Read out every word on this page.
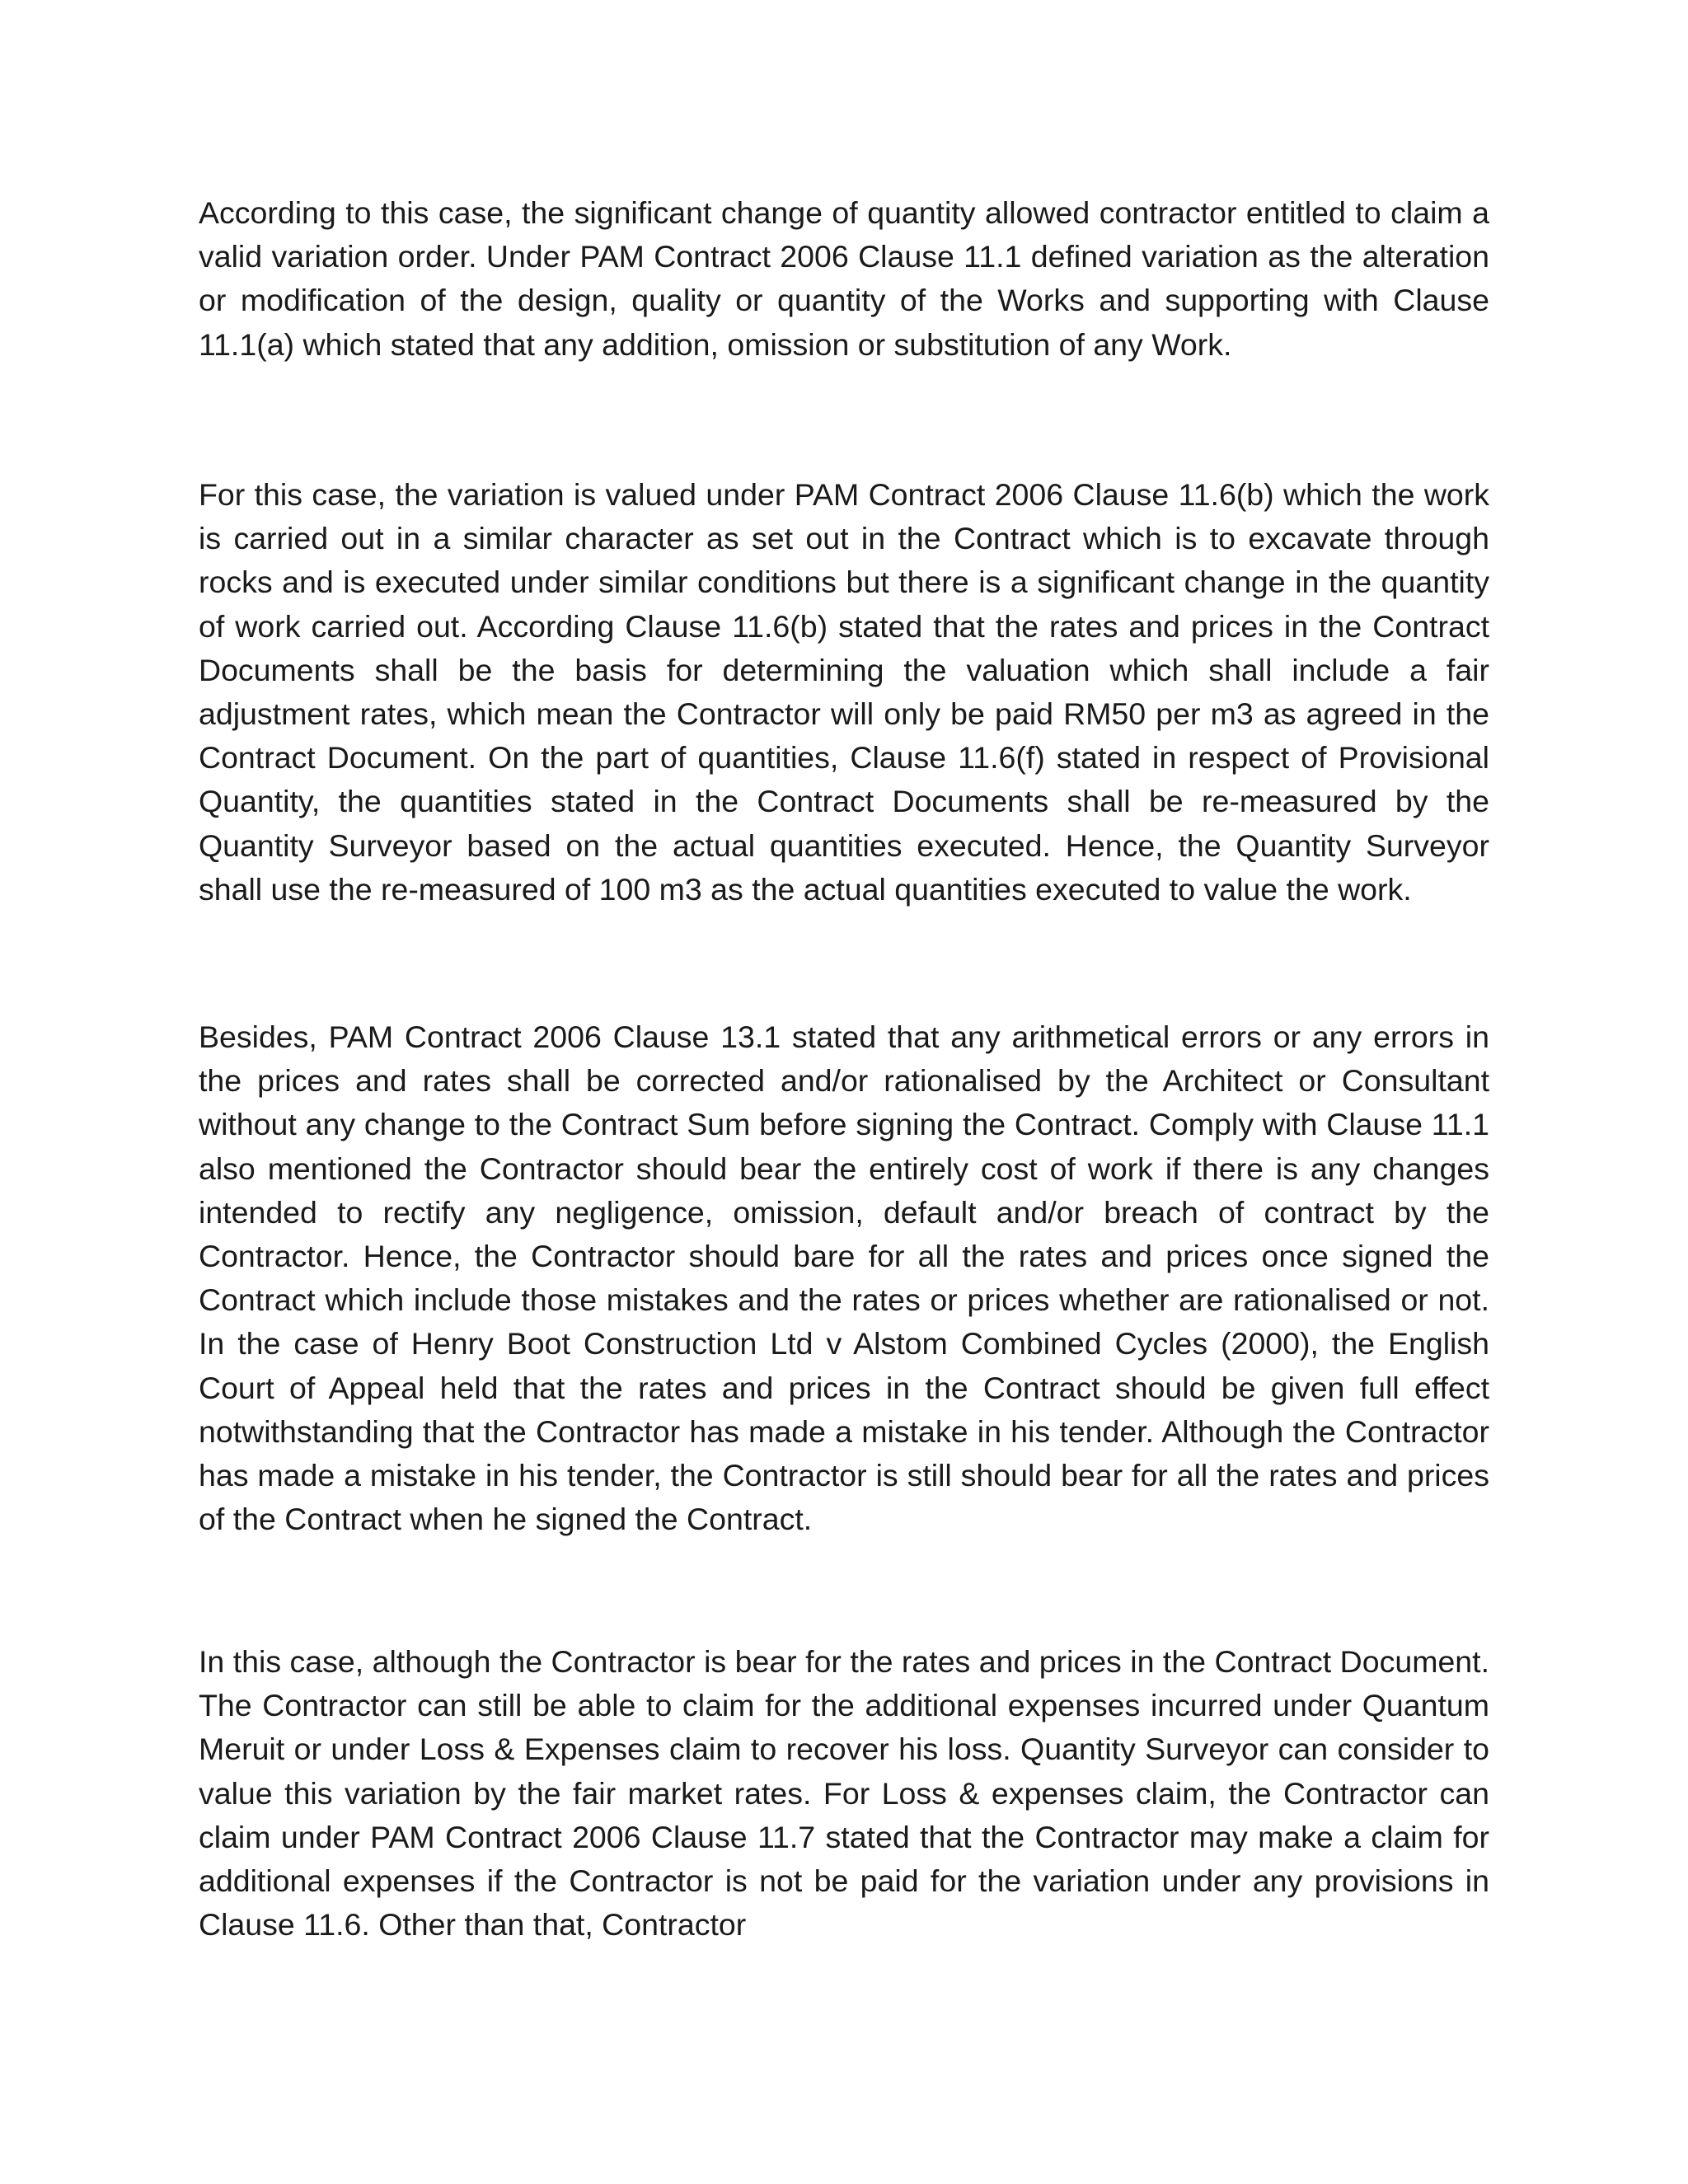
According to this case, the significant change of quantity allowed contractor entitled to claim a valid variation order. Under PAM Contract 2006 Clause 11.1 defined variation as the alteration or modification of the design, quality or quantity of the Works and supporting with Clause 11.1(a) which stated that any addition, omission or substitution of any Work.

For this case, the variation is valued under PAM Contract 2006 Clause 11.6(b) which the work is carried out in a similar character as set out in the Contract which is to excavate through rocks and is executed under similar conditions but there is a significant change in the quantity of work carried out. According Clause 11.6(b) stated that the rates and prices in the Contract Documents shall be the basis for determining the valuation which shall include a fair adjustment rates, which mean the Contractor will only be paid RM50 per m3 as agreed in the Contract Document. On the part of quantities, Clause 11.6(f) stated in respect of Provisional Quantity, the quantities stated in the Contract Documents shall be re-measured by the Quantity Surveyor based on the actual quantities executed. Hence, the Quantity Surveyor shall use the re-measured of 100 m3 as the actual quantities executed to value the work.

Besides, PAM Contract 2006 Clause 13.1 stated that any arithmetical errors or any errors in the prices and rates shall be corrected and/or rationalised by the Architect or Consultant without any change to the Contract Sum before signing the Contract. Comply with Clause 11.1 also mentioned the Contractor should bear the entirely cost of work if there is any changes intended to rectify any negligence, omission, default and/or breach of contract by the Contractor. Hence, the Contractor should bare for all the rates and prices once signed the Contract which include those mistakes and the rates or prices whether are rationalised or not. In the case of Henry Boot Construction Ltd v Alstom Combined Cycles (2000), the English Court of Appeal held that the rates and prices in the Contract should be given full effect notwithstanding that the Contractor has made a mistake in his tender. Although the Contractor has made a mistake in his tender, the Contractor is still should bear for all the rates and prices of the Contract when he signed the Contract.

In this case, although the Contractor is bear for the rates and prices in the Contract Document. The Contractor can still be able to claim for the additional expenses incurred under Quantum Meruit or under Loss & Expenses claim to recover his loss. Quantity Surveyor can consider to value this variation by the fair market rates. For Loss & expenses claim, the Contractor can claim under PAM Contract 2006 Clause 11.7 stated that the Contractor may make a claim for additional expenses if the Contractor is not be paid for the variation under any provisions in Clause 11.6. Other than that, Contractor
